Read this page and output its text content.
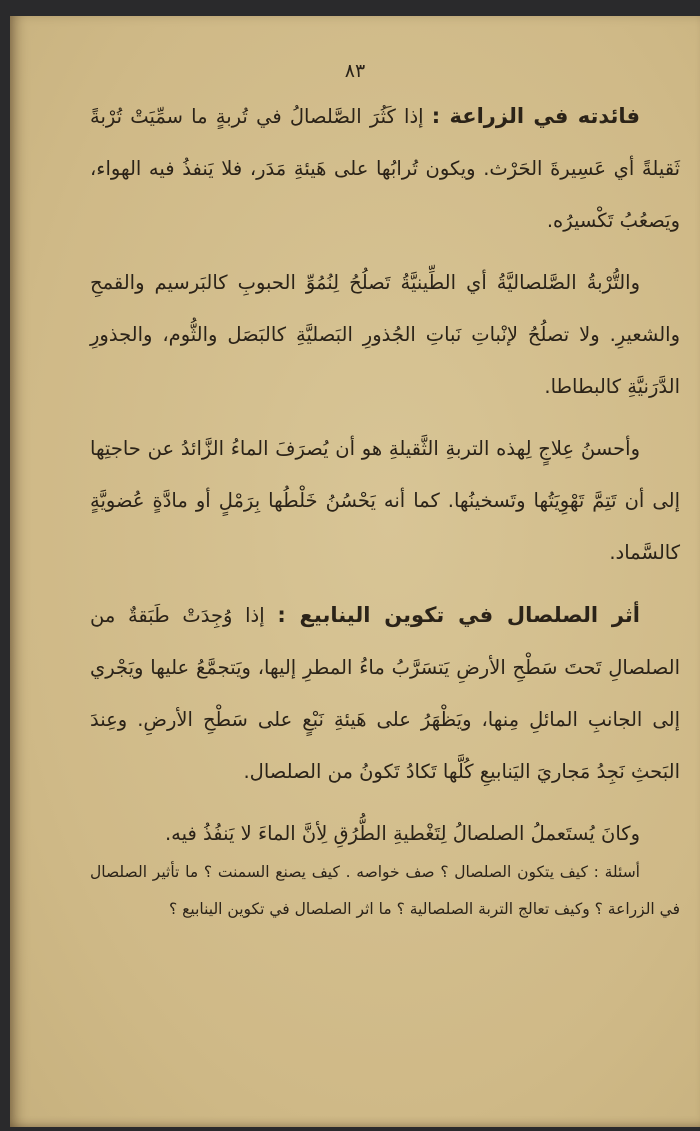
٨٣

فائدته في الزراعة : إذا كَثُرَ الصَّلصالُ في تُربةٍ ما سمِّيَتْ تُرْبةً ثَقيلةً أي عَسِيرةَ الحَرْث. ويكون تُرابُها على هَيئةِ مَدَر، فلا يَنفذُ فيه الهواء، ويَصعُبُ تَكْسيرُه.

والتُّرْبةُ الصَّلصاليَّةُ أي الطِّينيَّةُ تَصلُحُ لِنُمُوِّ الحبوبِ كالبَرسيم والقمحِ والشعيرِ. ولا تصلُحُ لإنْباتِ نَباتِ الجُذورِ البَصليَّةِ كالبَصَل والثُّوم، والجذورِ الدَّرَنيَّةِ كالبطاطا.

وأحسنُ عِلاجٍ لِهذه التربةِ الثَّقيلةِ هو أن يُصرَفَ الماءُ الزَّائدُ عن حاجتِها إلى أن تَتِمَّ تَهْوِيَتُها وتَسخينُها. كما أنه يَحْسُنُ خَلْطُها بِرَمْلٍ أو مادَّةٍ عُضويَّةٍ كالسَّماد.

أثر الصلصال في تكوين الينابيع : إذا وُجِدَتْ طَبَقةٌ من الصلصالِ تَحتَ سَطْحِ الأرضِ يَتسَرَّبُ ماءُ المطرِ إليها، ويَتجمَّعُ عليها ويَجْري إلى الجانبِ المائلِ مِنها، ويَظْهَرُ على هَيئةِ نَبْعٍ على سَطْحِ الأرضِ. وعِندَ البَحثِ نَجِدُ مَجاريَ اليَنابيعِ كُلَّها تَكادُ تَكونُ من الصلصال.

وكانَ يُستَعملُ الصلصالُ لِتَغْطيةِ الطُّرُقِ لِأنَّ الماءَ لا يَنفُذُ فيه.

أسئلة : كيف يتكون الصلصال ؟ صف خواصه . كيف يصنع السمنت ؟ ما تأثير الصلصال في الزراعة ؟ وكيف تعالج التربة الصلصالية ؟ ما اثر الصلصال في تكوين الينابيع ؟
